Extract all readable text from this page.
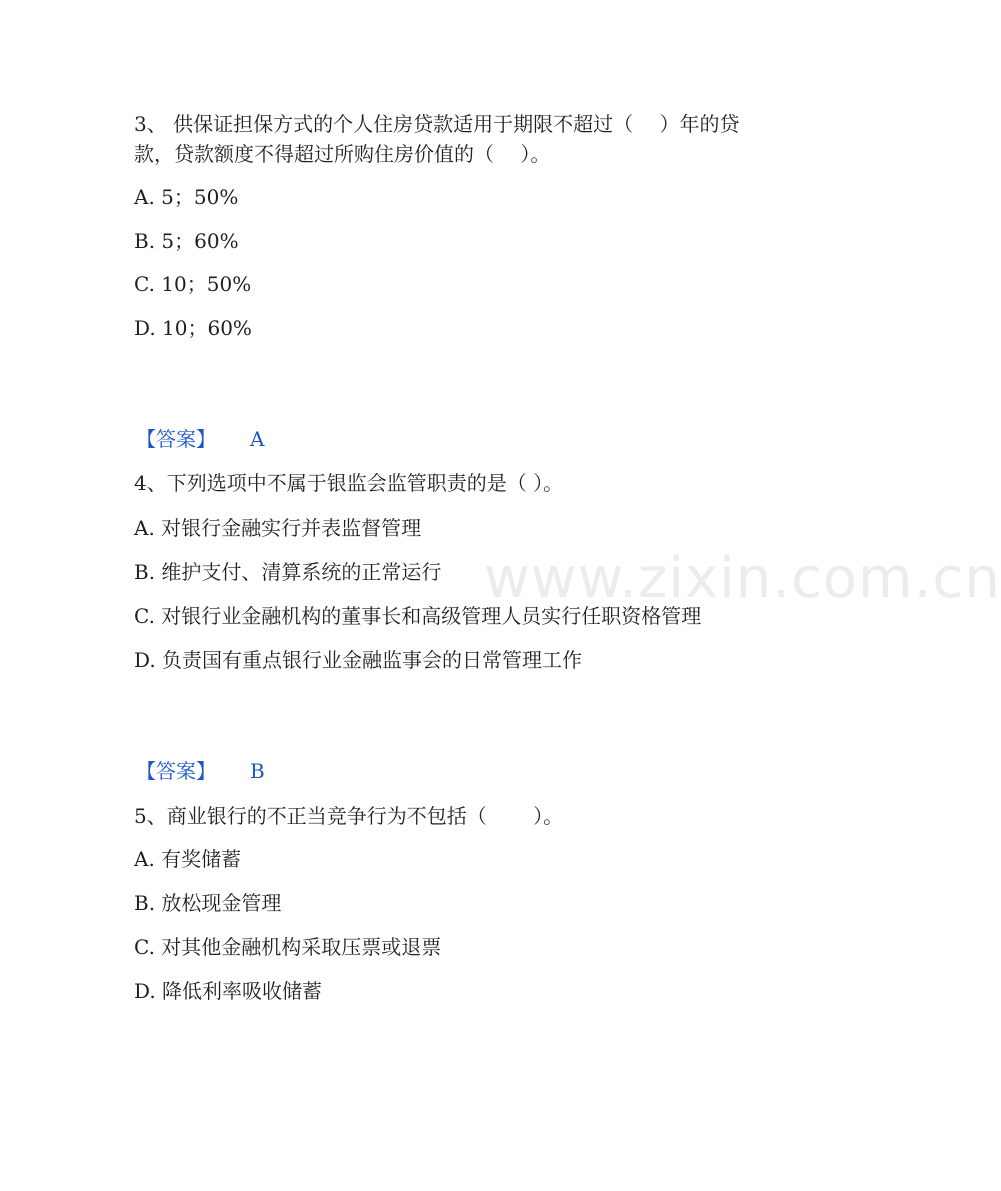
www.zixin.com.cn
3、 供保证担保方式的个人住房贷款适用于期限不超过（　 ）年的贷
款，贷款额度不得超过所购住房价值的（　 ）。
A. 5；50%
B. 5；60%
C. 10；50%
D. 10；60%
【答案】 A
4、下列选项中不属于银监会监管职责的是（ ）。
A. 对银行金融实行并表监督管理
B. 维护支付、清算系统的正常运行
C. 对银行业金融机构的董事长和高级管理人员实行任职资格管理
D. 负责国有重点银行业金融监事会的日常管理工作
【答案】 B
5、商业银行的不正当竞争行为不包括（　　 ）。
A. 有奖储蓄
B. 放松现金管理
C. 对其他金融机构采取压票或退票
D. 降低利率吸收储蓄
